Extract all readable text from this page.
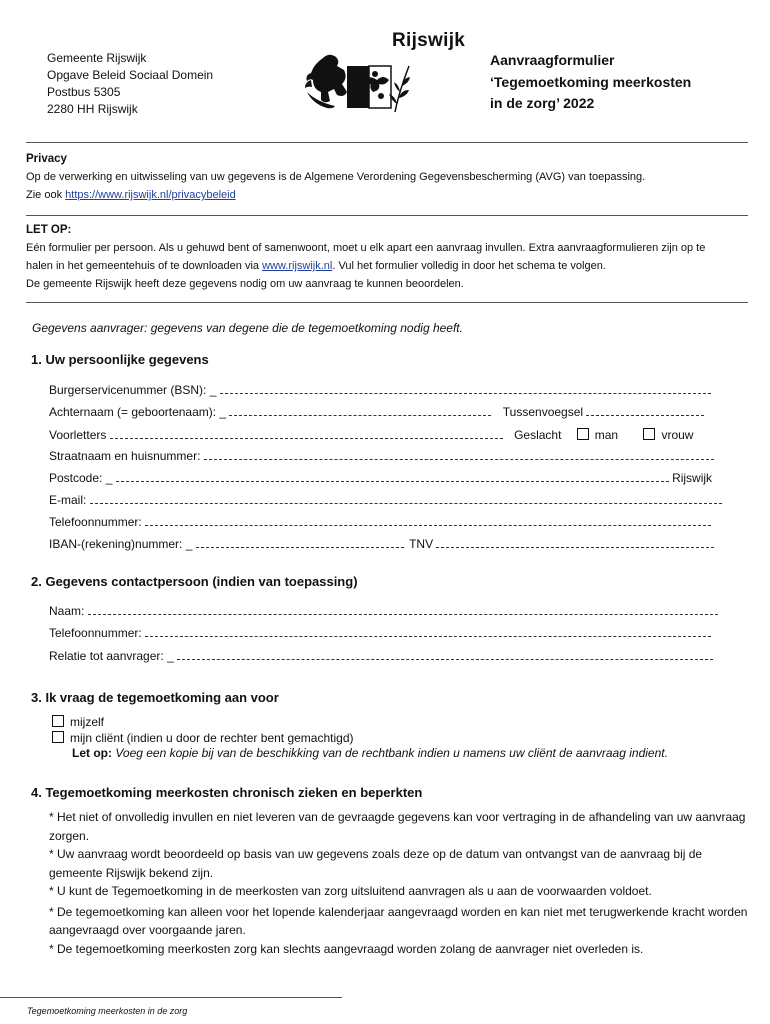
Gemeente Rijswijk
Opgave Beleid Sociaal Domein
Postbus 5305
2280 HH Rijswijk
Rijswijk
Aanvraagformulier
‘Tegemoetkoming meerkosten
in de zorg’ 2022
Privacy
Op de verwerking en uitwisseling van uw gegevens is de Algemene Verordening Gegevensbescherming (AVG) van toepassing.
Zie ook https://www.rijswijk.nl/privacybeleid
LET OP:
Eén formulier per persoon. Als u gehuwd bent of samenwoont, moet u elk apart een aanvraag invullen. Extra aanvraagformulieren zijn op te
halen in het gemeentehuis of te downloaden via www.rijswijk.nl. Vul het formulier volledig in door het schema te volgen.
De gemeente Rijswijk heeft deze gegevens nodig om uw aanvraag te kunnen beoordelen.
Gegevens aanvrager: gegevens van degene die de tegemoetkoming nodig heeft.
1. Uw persoonlijke gegevens
Burgerservicenummer (BSN): _
Achternaam (= geboortenaam): _	Tussenvoegsel
Voorletters	Geslacht	man	vrouw
Straatnaam en huisnummer:
Postcode: _	Rijswijk
E-mail:
Telefoonnummer:
IBAN-(rekening)nummer: _	TNV
2. Gegevens contactpersoon (indien van toepassing)
Naam:
Telefoonnummer:
Relatie tot aanvrager: _
3. Ik vraag de tegemoetkoming aan voor
mijzelf
mijn cliënt (indien u door de rechter bent gemachtigd)
Let op: Voeg een kopie bij van de beschikking van de rechtbank indien u namens uw cliënt de aanvraag indient.
4. Tegemoetkoming meerkosten chronisch zieken en beperkten

* Het niet of onvolledig invullen en niet leveren van de gevraagde gegevens kan voor vertraging in de afhandeling van uw aanvraag zorgen.

* Uw aanvraag wordt beoordeeld op basis van uw gegevens zoals deze op de datum van ontvangst van de aanvraag bij de gemeente Rijswijk bekend zijn.

* U kunt de Tegemoetkoming in de meerkosten van zorg uitsluitend aanvragen als u aan de voorwaarden voldoet.

* De tegemoetkoming kan alleen voor het lopende kalenderjaar aangevraagd worden en kan niet met terugwerkende kracht worden aangevraagd over voorgaande jaren.

* De tegemoetkoming meerkosten zorg kan slechts aangevraagd worden zolang de aanvrager niet overleden is.

Tegemoetkoming meerkosten in de zorg
